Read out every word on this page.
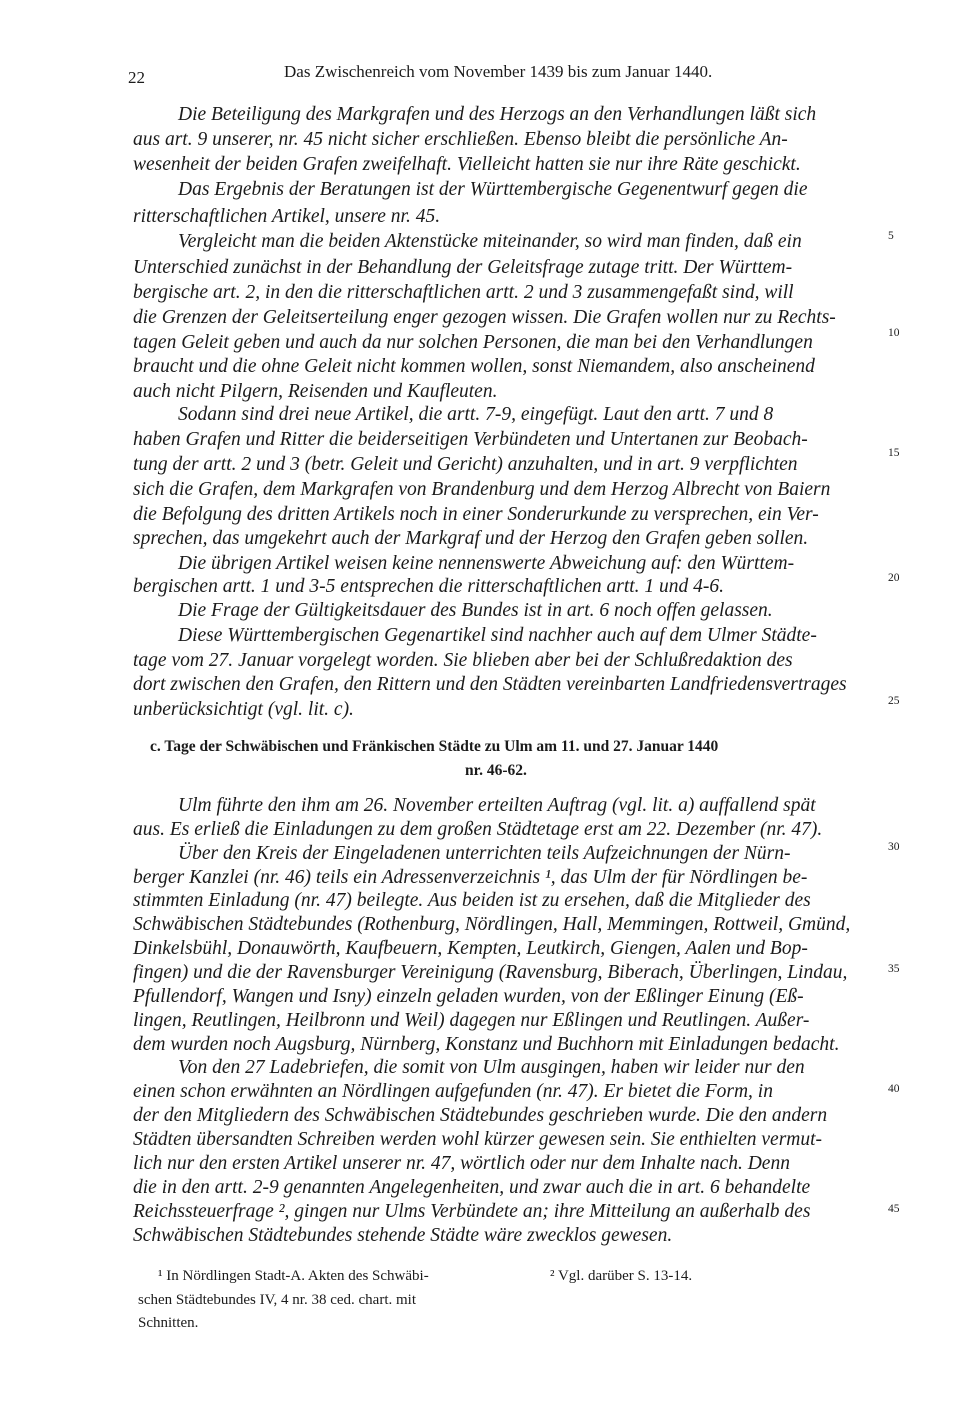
22	Das Zwischenreich vom November 1439 bis zum Januar 1440.
Die Beteiligung des Markgrafen und des Herzogs an den Verhandlungen läßt sich
aus art. 9 unserer, nr. 45 nicht sicher erschließen. Ebenso bleibt die persönliche An-
wesenheit der beiden Grafen zweifelhaft. Vielleicht hatten sie nur ihre Räte geschickt.
Das Ergebnis der Beratungen ist der Württembergische Gegenentwurf gegen die
ritterschaftlichen Artikel, unsere nr. 45.
Vergleicht man die beiden Aktenstücke miteinander, so wird man finden, daß ein
Unterschied zunächst in der Behandlung der Geleitsfrage zutage tritt. Der Württem-
bergische art. 2, in den die ritterschaftlichen artt. 2 und 3 zusammengefaßt sind, will
die Grenzen der Geleitserteilung enger gezogen wissen. Die Grafen wollen nur zu Rechts-
tagen Geleit geben und auch da nur solchen Personen, die man bei den Verhandlungen
braucht und die ohne Geleit nicht kommen wollen, sonst Niemandem, also anscheinend
auch nicht Pilgern, Reisenden und Kaufleuten.
Sodann sind drei neue Artikel, die artt. 7-9, eingefügt. Laut den artt. 7 und 8
haben Grafen und Ritter die beiderseitigen Verbündeten und Untertanen zur Beobach-
tung der artt. 2 und 3 (betr. Geleit und Gericht) anzuhalten, und in art. 9 verpflichten
sich die Grafen, dem Markgrafen von Brandenburg und dem Herzog Albrecht von Baiern
die Befolgung des dritten Artikels noch in einer Sonderurkunde zu versprechen, ein Ver-
sprechen, das umgekehrt auch der Markgraf und der Herzog den Grafen geben sollen.
Die übrigen Artikel weisen keine nennenswerte Abweichung auf: den Württem-
bergischen artt. 1 und 3-5 entsprechen die ritterschaftlichen artt. 1 und 4-6.
Die Frage der Gültigkeitsdauer des Bundes ist in art. 6 noch offen gelassen.
Diese Württembergischen Gegenartikel sind nachher auch auf dem Ulmer Städte-
tage vom 27. Januar vorgelegt worden. Sie blieben aber bei der Schlußredaktion des
dort zwischen den Grafen, den Rittern und den Städten vereinbarten Landfriedensvertrages
unberücksichtigt (vgl. lit. c).
c. Tage der Schwäbischen und Fränkischen Städte zu Ulm am 11. und 27. Januar 1440
nr. 46-62.
Ulm führte den ihm am 26. November erteilten Auftrag (vgl. lit. a) auffallend spät
aus. Es erließ die Einladungen zu dem großen Städtetage erst am 22. Dezember (nr. 47).
Über den Kreis der Eingeladenen unterrichten teils Aufzeichnungen der Nürn-
berger Kanzlei (nr. 46) teils ein Adressenverzeichnis ¹, das Ulm der für Nördlingen be-
stimmten Einladung (nr. 47) beilegte. Aus beiden ist zu ersehen, daß die Mitglieder des
Schwäbischen Städtebundes (Rothenburg, Nördlingen, Hall, Memmingen, Rottweil, Gmünd,
Dinkelsbühl, Donauwörth, Kaufbeuern, Kempten, Leutkirch, Giengen, Aalen und Bop-
fingen) und die der Ravensburger Vereinigung (Ravensburg, Biberach, Überlingen, Lindau,
Pfullendorf, Wangen und Isny) einzeln geladen wurden, von der Eßlinger Einung (Eß-
lingen, Reutlingen, Heilbronn und Weil) dagegen nur Eßlingen und Reutlingen. Außer-
dem wurden noch Augsburg, Nürnberg, Konstanz und Buchhorn mit Einladungen bedacht.
Von den 27 Ladebriefen, die somit von Ulm ausgingen, haben wir leider nur den
einen schon erwähnten an Nördlingen aufgefunden (nr. 47). Er bietet die Form, in
der den Mitgliedern des Schwäbischen Städtebundes geschrieben wurde. Die den andern
Städten übersandten Schreiben werden wohl kürzer gewesen sein. Sie enthielten vermut-
lich nur den ersten Artikel unserer nr. 47, wörtlich oder nur dem Inhalte nach. Denn
die in den artt. 2-9 genannten Angelegenheiten, und zwar auch die in art. 6 behandelte
Reichssteuerfrage ², gingen nur Ulms Verbündete an; ihre Mitteilung an außerhalb des
Schwäbischen Städtebundes stehende Städte wäre zwecklos gewesen.
5
10
15
20
25
30
35
40
45
¹ In Nördlingen Stadt-A. Akten des Schwäbi-
schen Städtebundes IV, 4 nr. 38 ced. chart. mit
Schnitten.
² Vgl. darüber S. 13-14.
